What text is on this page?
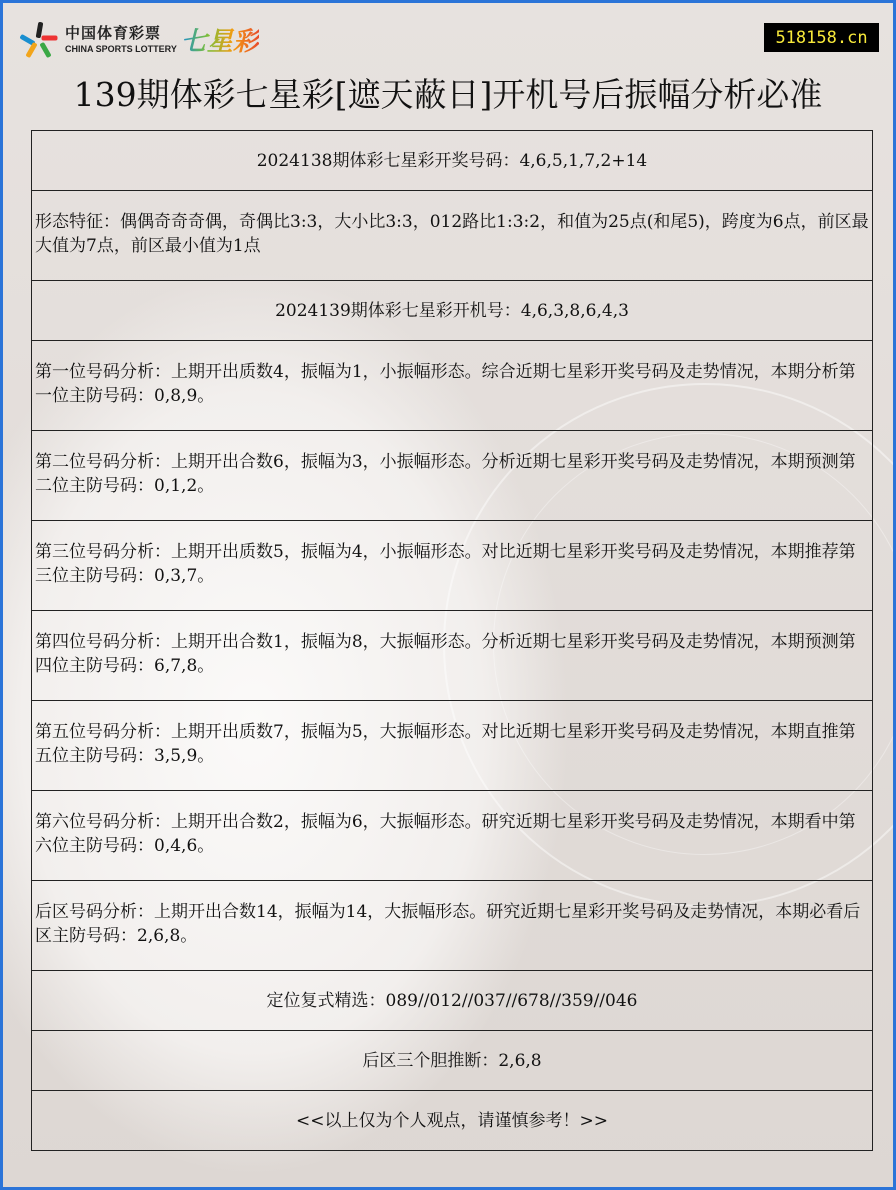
中国体育彩票
CHINA SPORTS LOTTERY 七星彩	518158.cn
139期体彩七星彩[遮天蔽日]开机号后振幅分析必准
2024138期体彩七星彩开奖号码：4,6,5,1,7,2+14
形态特征：偶偶奇奇奇偶，奇偶比3:3，大小比3:3，012路比1:3:2，和值为25点(和尾5)，跨度为6点，前区最大值为7点，前区最小值为1点
2024139期体彩七星彩开机号：4,6,3,8,6,4,3
第一位号码分析：上期开出质数4，振幅为1，小振幅形态。综合近期七星彩开奖号码及走势情况，本期分析第一位主防号码：0,8,9。
第二位号码分析：上期开出合数6，振幅为3，小振幅形态。分析近期七星彩开奖号码及走势情况，本期预测第二位主防号码：0,1,2。
第三位号码分析：上期开出质数5，振幅为4，小振幅形态。对比近期七星彩开奖号码及走势情况，本期推荐第三位主防号码：0,3,7。
第四位号码分析：上期开出合数1，振幅为8，大振幅形态。分析近期七星彩开奖号码及走势情况，本期预测第四位主防号码：6,7,8。
第五位号码分析：上期开出质数7，振幅为5，大振幅形态。对比近期七星彩开奖号码及走势情况，本期直推第五位主防号码：3,5,9。
第六位号码分析：上期开出合数2，振幅为6，大振幅形态。研究近期七星彩开奖号码及走势情况，本期看中第六位主防号码：0,4,6。
后区号码分析：上期开出合数14，振幅为14，大振幅形态。研究近期七星彩开奖号码及走势情况，本期必看后区主防号码：2,6,8。
定位复式精选：089//012//037//678//359//046
后区三个胆推断：2,6,8
<<以上仅为个人观点，请谨慎参考！>>
